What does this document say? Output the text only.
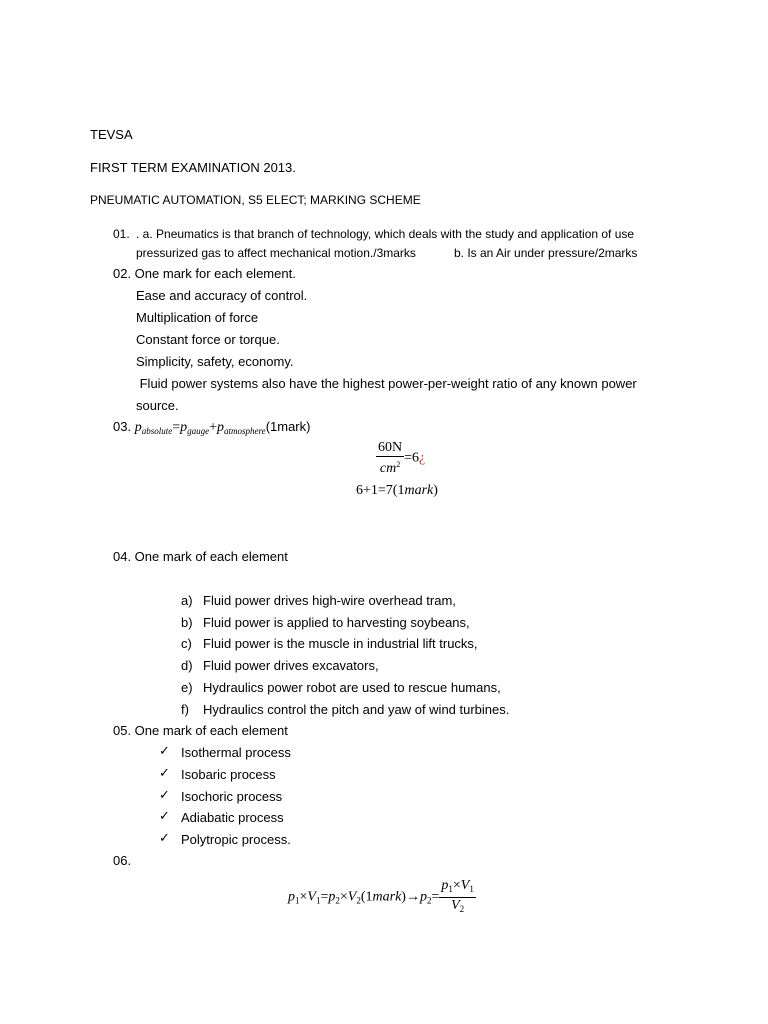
TEVSA
FIRST TERM EXAMINATION 2013.
PNEUMATIC AUTOMATION, S5 ELECT; MARKING SCHEME
01. . a. Pneumatics is that branch of technology, which deals with the study and application of use
pressurized gas to affect mechanical motion./3marks	b. Is an Air under pressure/2marks
02. One mark for each element.
Ease and accuracy of control.
Multiplication of force
Constant force or torque.
Simplicity, safety, economy.
Fluid power systems also have the highest power-per-weight ratio of any known power
source.
03. $p_{absolute}=p_{gauge}+p_{atmosphere}(1mark)$
$\frac{60N}{cm^2}$ =6¿
6+1=7(1mark)
04. One mark of each element
a) Fluid power drives high-wire overhead tram,
b) Fluid power is applied to harvesting soybeans,
c) Fluid power is the muscle in industrial lift trucks,
d) Fluid power drives excavators,
e) Hydraulics power robot are used to rescue humans,
f) Hydraulics control the pitch and yaw of wind turbines.
05. One mark of each element
✓ Isothermal process
✓ Isobaric process
✓ Isochoric process
✓ Adiabatic process
✓ Polytropic process.
06.
$p_1\times V_1=p_2\times V_2(1mark)\to p_2= \frac{p_1\times V_1}{V_2}$
